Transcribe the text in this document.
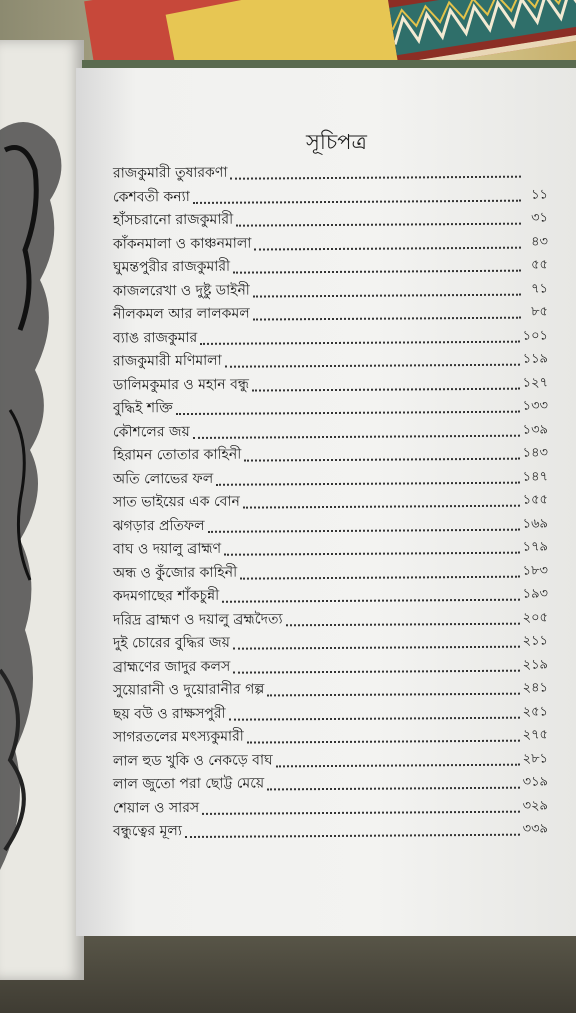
সূচিপত্র
রাজকুমারী তুষারকণা
কেশবতী কন্যা	১১
হাঁসচরানো রাজকুমারী	৩১
কাঁকনমালা ও কাঞ্চনমালা	৪৩
ঘুমন্তপুরীর রাজকুমারী	৫৫
কাজলরেখা ও দুষ্টু ডাইনী	৭১
নীলকমল আর লালকমল	৮৫
ব্যাঙ রাজকুমার	১০১
রাজকুমারী মণিমালা	১১৯
ডালিমকুমার ও মহান বন্ধু	১২৭
বুদ্ধিই শক্তি	১৩৩
কৌশলের জয়	১৩৯
হিরামন তোতার কাহিনী	১৪৩
অতি লোভের ফল	১৪৭
সাত ভাইয়ের এক বোন	১৫৫
ঝগড়ার প্রতিফল	১৬৯
বাঘ ও দয়ালু ব্রাহ্মণ	১৭৯
অন্ধ ও কুঁজোর কাহিনী	১৮৩
কদমগাছের শাঁকচুন্নী	১৯৩
দরিদ্র ব্রাহ্মণ ও দয়ালু ব্রহ্মদৈত্য	২০৫
দুই চোরের বুদ্ধির জয়	২১১
ব্রাহ্মণের জাদুর কলস	২১৯
সুয়োরানী ও দুয়োরানীর গল্প	২৪১
ছয় বউ ও রাক্ষসপুরী	২৫১
সাগরতলের মৎস্যকুমারী	২৭৫
লাল হুড খুকি ও নেকড়ে বাঘ	২৮১
লাল জুতো পরা ছোট্ট মেয়ে	৩১৯
শেয়াল ও সারস	৩২৯
বন্ধুত্বের মূল্য	৩৩৯
